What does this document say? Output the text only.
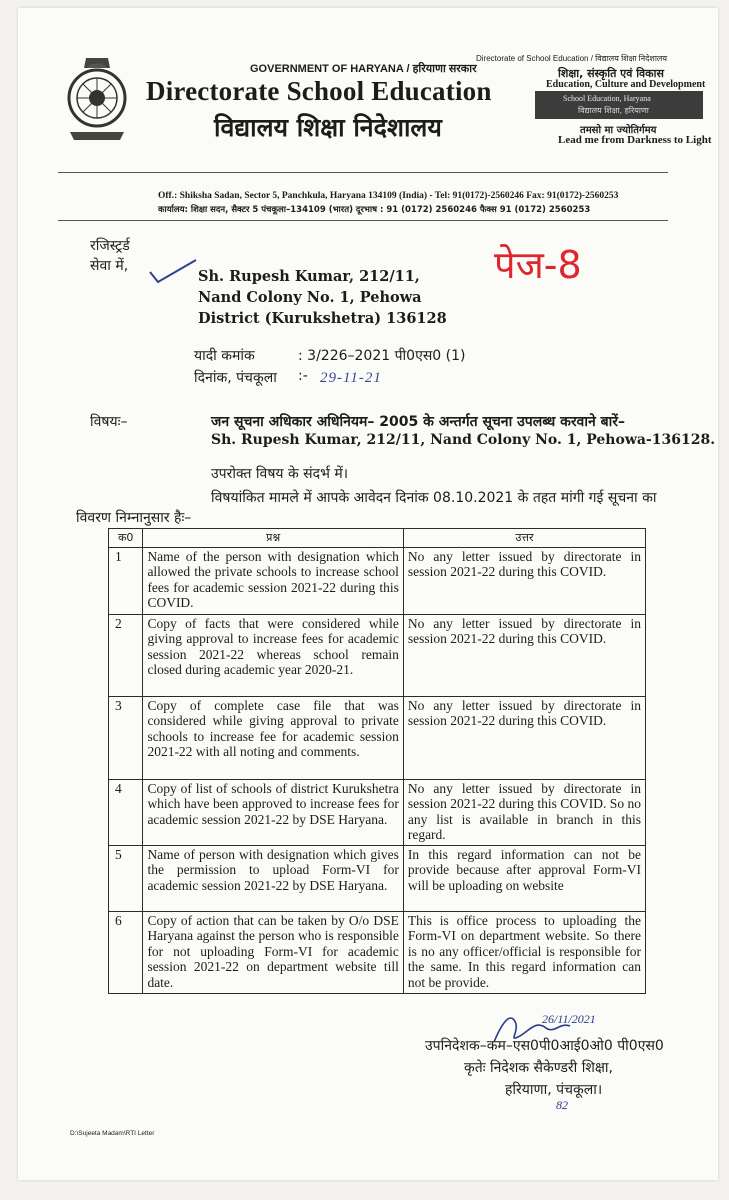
GOVERNMENT OF HARYANA / हरियाणा सरकार
Directorate of School Education / विद्यालय शिक्षा निदेशालय
Directorate School Education
विद्यालय शिक्षा निदेशालय
शिक्षा, संस्कृति एवं विकास
Education, Culture and Development
School Education, Haryana
विद्यालय शिक्षा, हरियाणा
तमसो मा ज्योतिर्गमय
Lead me from Darkness to Light
Off.: Shiksha Sadan, Sector 5, Panchkula, Haryana 134109 (India) - Tel: 91(0172)-2560246 Fax: 91(0172)-2560253
कार्यालय: शिक्षा सदन, सैक्टर 5 पंचकूला–134109 (भारत) दूरभाष : 91 (0172) 2560246 फैक्स 91 (0172) 2560253
रजिस्ट्रर्ड
सेवा में,	पेज-8
Sh. Rupesh Kumar, 212/11,
Nand Colony No. 1, Pehowa
District (Kurukshetra) 136128
यादी कमांक	: 3/226–2021 पी0एस0 (1)
दिनांक, पंचकूला :- 29-11-21
विषयः–	जन सूचना अधिकार अधिनियम– 2005 के अन्तर्गत सूचना उपलब्ध करवाने बारें–
Sh. Rupesh Kumar, 212/11, Nand Colony No. 1, Pehowa-136128.
उपरोक्त विषय के संदर्भ में।
विषयांकित मामले में आपके आवेदन दिनांक 08.10.2021 के तहत मांगी गई सूचना का
विवरण निम्नानुसार हैः–
क0	प्रश्न	उत्तर
1	Name of the person with designation which allowed the private schools to increase school fees for academic session 2021-22 during this COVID.	No any letter issued by directorate in session 2021-22 during this COVID.
2	Copy of facts that were considered while giving approval to increase fees for academic session 2021-22 whereas school remain closed during academic year 2020-21.	No any letter issued by directorate in session 2021-22 during this COVID.
3	Copy of complete case file that was considered while giving approval to private schools to increase fee for academic session 2021-22 with all noting and comments.	No any letter issued by directorate in session 2021-22 during this COVID.
4	Copy of list of schools of district Kurukshetra which have been approved to increase fees for academic session 2021-22 by DSE Haryana.	No any letter issued by directorate in session 2021-22 during this COVID. So no any list is available in branch in this regard.
5	Name of person with designation which gives the permission to upload Form-VI for academic session 2021-22 by DSE Haryana.	In this regard information can not be provide because after approval Form-VI will be uploading on website
6	Copy of action that can be taken by O/o DSE Haryana against the person who is responsible for not uploading Form-VI for academic session 2021-22 on department website till date.	This is office process to uploading the Form-VI on department website. So there is no any officer/official is responsible for the same. In this regard information can not be provide.
26/11/2021
उपनिदेशक–कम–एस0पी0आई0ओ0 पी0एस0
कृतेः निदेशक सैकेण्डरी शिक्षा,
हरियाणा, पंचकूला।
82
D:\Sujeeta Madam\RTI Letter
